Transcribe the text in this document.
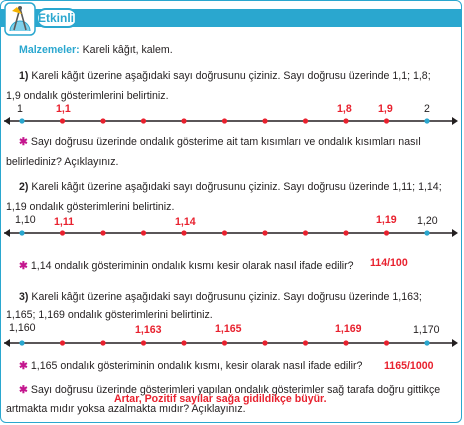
Etkinlik
Malzemeler: Kareli kâğıt, kalem.
1) Kareli kâğıt üzerine aşağıdaki sayı doğrusunu çiziniz. Sayı doğrusu üzerinde 1,1; 1,8;
1,9 ondalık gösterimlerini belirtiniz.
1	2
1,1	1,8 1,9
✱ Sayı doğrusu üzerinde ondalık gösterime ait tam kısımları ve ondalık kısımları nasıl
belirlediniz? Açıklayınız.
2) Kareli kâğıt üzerine aşağıdaki sayı doğrusunu çiziniz. Sayı doğrusu üzerinde 1,11; 1,14;
1,19 ondalık gösterimlerini belirtiniz.
1,10	1,20
1,11	1,14	1,19
✱ 1,14 ondalık gösteriminin ondalık kısmı kesir olarak nasıl ifade edilir? 114/100
3) Kareli kâğıt üzerine aşağıdaki sayı doğrusunu çiziniz. Sayı doğrusu üzerinde 1,163;
1,165; 1,169 ondalık gösterimlerini belirtiniz.
1,160	1,170
1,163	1,165	1,169
✱ 1,165 ondalık gösteriminin ondalık kısmı, kesir olarak nasıl ifade edilir? 1165/1000
✱ Sayı doğrusu üzerinde gösterimleri yapılan ondalık gösterimler sağ tarafa doğru gittikçe
artmakta mıdır yoksa azalmakta mıdır? Açıklayınız.
Artar, Pozitif sayılar sağa gidildikçe büyür.
